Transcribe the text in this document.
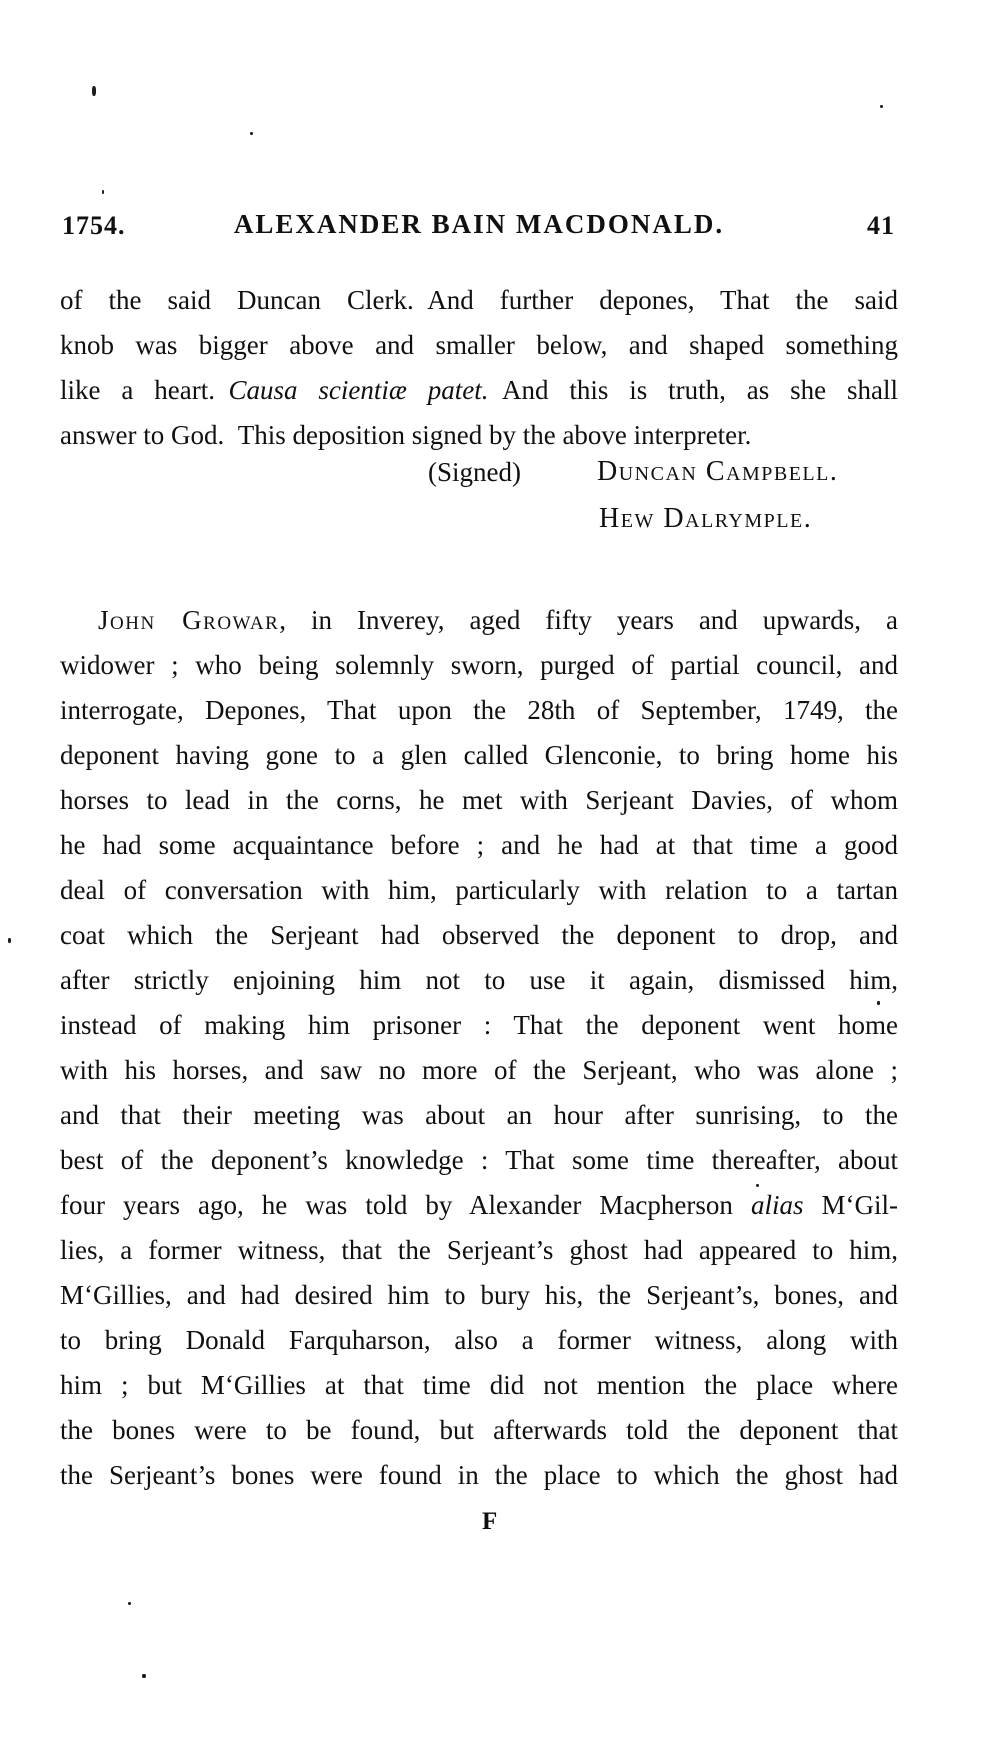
1754.	ALEXANDER BAIN MACDONALD.	41
of the said Duncan Clerk. And further depones, That the said
knob was bigger above and smaller below, and shaped something
like a heart. Causa scientiæ patet. And this is truth, as she shall
answer to God. This deposition signed by the above interpreter.
(Signed)	Duncan Campbell.
Hew Dalrymple.
John Growar, in Inverey, aged fifty years and upwards, a
widower ; who being solemnly sworn, purged of partial council, and
interrogate, Depones, That upon the 28th of September, 1749, the
deponent having gone to a glen called Glenconie, to bring home his
horses to lead in the corns, he met with Serjeant Davies, of whom
he had some acquaintance before ; and he had at that time a good
deal of conversation with him, particularly with relation to a tartan
coat which the Serjeant had observed the deponent to drop, and
after strictly enjoining him not to use it again, dismissed him,
instead of making him prisoner : That the deponent went home
with his horses, and saw no more of the Serjeant, who was alone ;
and that their meeting was about an hour after sunrising, to the
best of the deponent’s knowledge : That some time thereafter, about
four years ago, he was told by Alexander Macpherson alias M‘Gil-
lies, a former witness, that the Serjeant’s ghost had appeared to him,
M‘Gillies, and had desired him to bury his, the Serjeant’s, bones, and
to bring Donald Farquharson, also a former witness, along with
him ; but M‘Gillies at that time did not mention the place where
the bones were to be found, but afterwards told the deponent that
the Serjeant’s bones were found in the place to which the ghost had
F
